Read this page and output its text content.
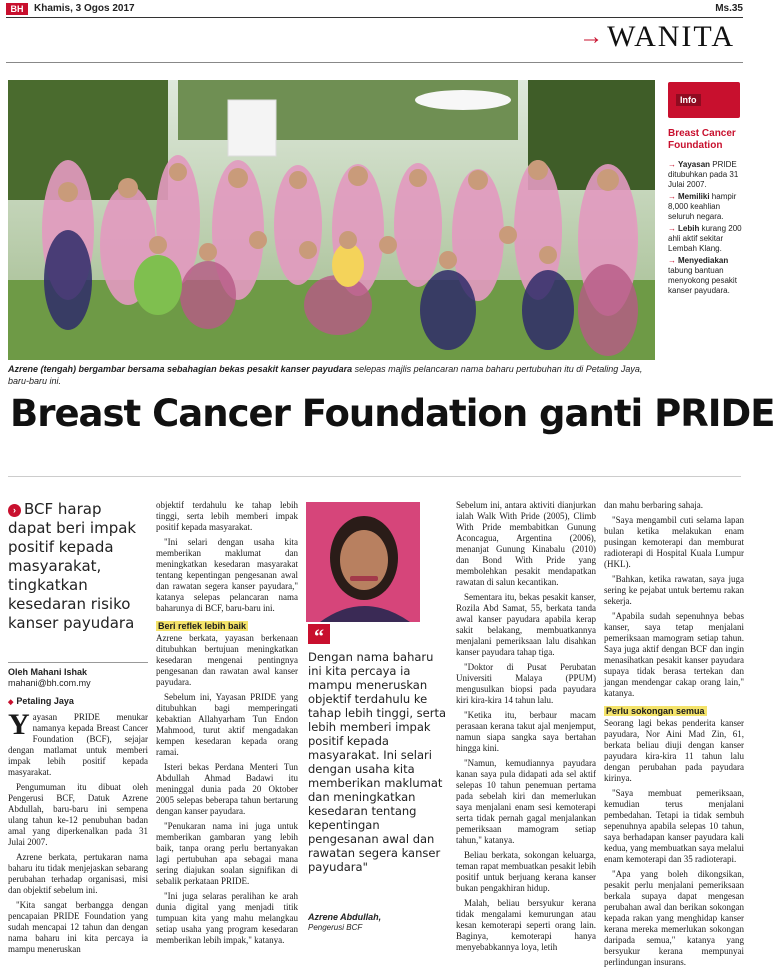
BH	Khamis, 3 Ogos 2017	Ms.35
→ WANITA
Azrene (tengah) bergambar bersama sebahagian bekas pesakit kanser payudara selepas majlis pelancaran nama baharu pertubuhan itu di Petaling Jaya, baru-baru ini.
Info
Breast Cancer Foundation
→ Yayasan PRIDE ditubuhkan pada 31 Julai 2007.
→ Memiliki hampir 8,000 keahlian seluruh negara.
→ Lebih kurang 200 ahli aktif sekitar Lembah Klang.
→ Menyediakan tabung bantuan menyokong pesakit kanser payudara.
Breast Cancer Foundation ganti PRIDE
› BCF harap dapat beri impak positif kepada masyarakat, tingkatkan kesedaran risiko kanser payudara
Oleh Mahani Ishak
mahani@bh.com.my
◆ Petaling Jaya

Yayasan PRIDE menukar namanya kepada Breast Cancer Foundation (BCF), sejajar dengan matlamat untuk memberi impak lebih positif kepada masyarakat.

Pengumuman itu dibuat oleh Pengerusi BCF, Datuk Azrene Abdullah, baru-baru ini sempena ulang tahun ke-12 penubuhan badan amal yang diperkenalkan pada 31 Julai 2007.

Azrene berkata, pertukaran nama baharu itu tidak menjejaskan sebarang perubahan terhadap organisasi, misi dan objektif sebelum ini.

"Kita sangat berbangga dengan pencapaian PRIDE Foundation yang sudah mencapai 12 tahun dan dengan nama baharu ini kita percaya ia mampu meneruskan

objektif terdahulu ke tahap lebih tinggi, serta lebih memberi impak positif kepada masyarakat.

"Ini selari dengan usaha kita memberikan maklumat dan meningkatkan kesedaran masyarakat tentang kepentingan pengesanan awal dan rawatan segera kanser payudara," katanya selepas pelancaran nama baharunya di BCF, baru-baru ini.

Beri reflek lebih baik

Azrene berkata, yayasan berkenaan ditubuhkan bertujuan meningkatkan kesedaran mengenai pentingnya pengesanan dan rawatan awal kanser payudara.

Sebelum ini, Yayasan PRIDE yang ditubuhkan bagi memperingati kebaktian Allahyarham Tun Endon Mahmood, turut aktif mengadakan kempen kesedaran kepada orang ramai.

Isteri bekas Perdana Menteri Tun Abdullah Ahmad Badawi itu meninggal dunia pada 20 Oktober 2005 selepas beberapa tahun bertarung dengan kanser payudara.

"Penukaran nama ini juga untuk memberikan gambaran yang lebih baik, tanpa orang perlu bertanyakan lagi pertubuhan apa sebagai mana sering diajukan soalan signifikan di sebalik perkataan PRIDE.

"Ini juga selaras peralihan ke arah dunia digital yang menjadi titik tumpuan kita yang mahu melangkau setiap usaha yang program kesedaran memberikan lebih impak," katanya.

“
Dengan nama baharu ini kita percaya ia mampu meneruskan objektif terdahulu ke tahap lebih tinggi, serta lebih memberi impak positif kepada masyarakat. Ini selari dengan usaha kita memberikan maklumat dan meningkatkan kesedaran tentang kepentingan pengesanan awal dan rawatan segera kanser payudara"
Azrene Abdullah,
Pengerusi BCF

Sebelum ini, antara aktiviti dianjurkan ialah Walk With Pride (2005), Climb With Pride membabitkan Gunung Aconcagua, Argentina (2006), menanjat Gunung Kinabalu (2010) dan Bond With Pride yang membolehkan pesakit mendapatkan rawatan di salun kecantikan.

Sementara itu, bekas pesakit kanser, Rozila Abd Samat, 55, berkata tanda awal kanser payudara apabila kerap sakit belakang, membuatkannya menjalani pemeriksaan lalu disahkan kanser payudara tahap tiga.

"Doktor di Pusat Perubatan Universiti Malaya (PPUM) mengusulkan biopsi pada payudara kiri kira-kira 14 tahun lalu.

"Ketika itu, berbaur macam perasaan kerana takut ajal menjemput, namun siapa sangka saya bertahan hingga kini.

"Namun, kemudiannya payudara kanan saya pula didapati ada sel aktif selepas 10 tahun penemuan pertama pada sebelah kiri dan memerlukan saya menjalani enam sesi kemoterapi serta tidak pernah gagal menjalankan pemeriksaan mamogram setiap tahun," katanya.

Beliau berkata, sokongan keluarga, teman rapat membuatkan pesakit lebih positif untuk berjuang kerana kanser bukan pengakhiran hidup.

Malah, beliau bersyukur kerana tidak mengalami kemurungan atau kesan kemoterapi seperti orang lain. Baginya, kemoterapi hanya menyebabkannya loya, letih

dan mahu berbaring sahaja.

"Saya mengambil cuti selama lapan bulan ketika melakukan enam pusingan kemoterapi dan memburat radioterapi di Hospital Kuala Lumpur (HKL).

"Bahkan, ketika rawatan, saya juga sering ke pejabat untuk bertemu rakan sekerja.

"Apabila sudah sepenuhnya bebas kanser, saya tetap menjalani pemeriksaan mamogram setiap tahun. Saya juga aktif dengan BCF dan ingin menasihatkan pesakit kanser payudara supaya tidak berasa tertekan dan jangan mendengar cakap orang lain," katanya.

Perlu sokongan semua

Seorang lagi bekas penderita kanser payudara, Nor Aini Mad Zin, 61, berkata beliau diuji dengan kanser payudara kira-kira 11 tahun lalu dengan perubahan pada payudara kirinya.

"Saya membuat pemeriksaan, kemudian terus menjalani pembedahan. Tetapi ia tidak sembuh sepenuhnya apabila selepas 10 tahun, saya berhadapan kanser payudara kali kedua, yang membuatkan saya melalui enam kemoterapi dan 35 radioterapi.

"Apa yang boleh dikongsikan, pesakit perlu menjalani pemeriksaan berkala supaya dapat mengesan perubahan awal dan berikan sokongan kepada rakan yang menghidap kanser kerana mereka memerlukan sokongan daripada semua," katanya yang bersyukur kerana mempunyai perlindungan insurans.
